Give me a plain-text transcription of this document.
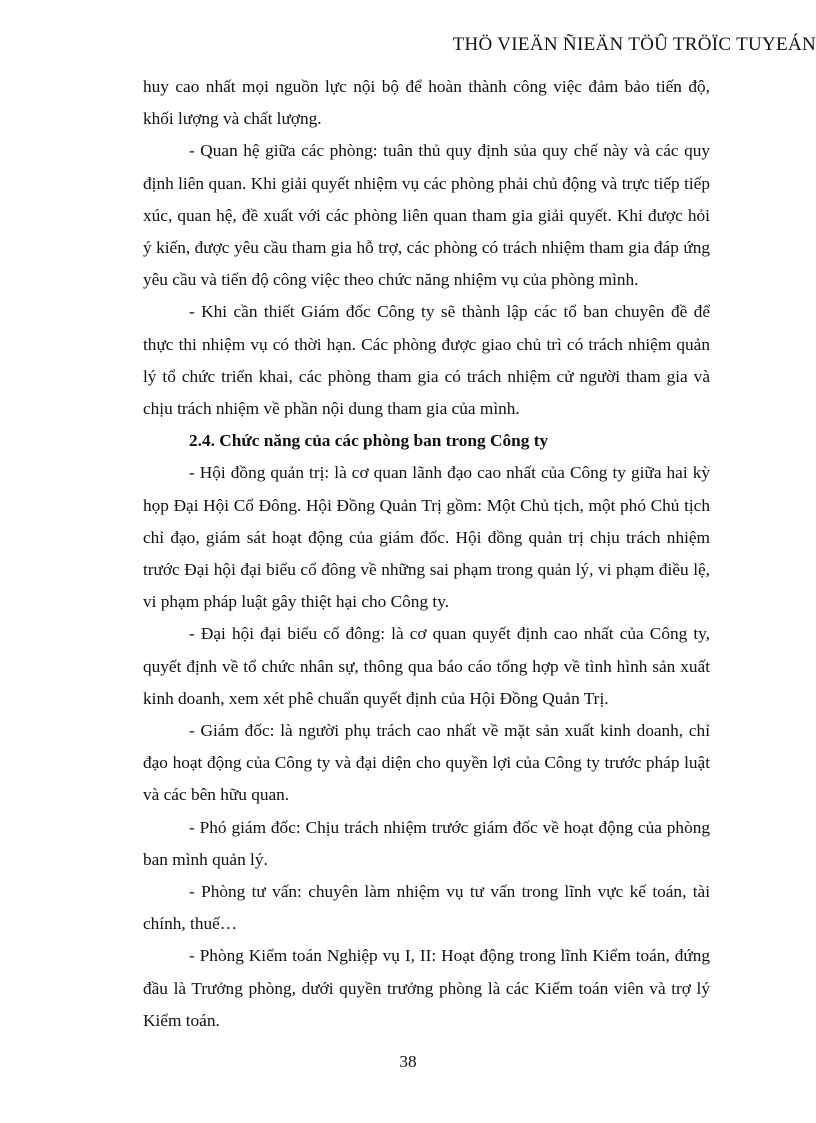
THÖ VIEÄN ÑIEÄN TÖÛ TRÖÏC TUYEÁN

huy cao nhất mọi nguồn lực nội bộ để hoàn thành công việc đảm bảo tiến độ, khối lượng và chất lượng.

- Quan hệ giữa các phòng: tuân thủ quy định sủa quy chế này và các quy định liên quan. Khi giải quyết nhiệm vụ các phòng phải chủ động và trực tiếp tiếp xúc, quan hệ, đề xuất với các phòng liên quan tham gia giải quyết. Khi được hỏi ý kiến, được yêu cầu tham gia hỗ trợ, các phòng có trách nhiệm tham gia đáp ứng yêu cầu và tiến độ công việc theo chức năng nhiệm vụ của phòng mình.

- Khi cần thiết Giám đốc Công ty sẽ thành lập các tổ ban chuyên đề để thực thi nhiệm vụ có thời hạn. Các phòng được giao chủ trì có trách nhiệm quản lý tổ chức triển khai, các phòng tham gia có trách nhiệm cử người tham gia và chịu trách nhiệm về phần nội dung tham gia của mình.

2.4. Chức năng của các phòng ban trong Công ty

- Hội đồng quản trị: là cơ quan lãnh đạo cao nhất của Công ty giữa hai kỳ họp Đại Hội Cổ Đông. Hội Đồng Quản Trị gồm: Một Chủ tịch, một phó Chủ tịch chỉ đạo, giám sát hoạt động của giám đốc. Hội đồng quản trị chịu trách nhiệm trước Đại hội đại biểu cổ đông về những sai phạm trong quản lý, vi phạm điều lệ, vi phạm pháp luật gây thiệt hại cho Công ty.

- Đại hội đại biểu cổ đông: là cơ quan quyết định cao nhất của Công ty, quyết định về tổ chức nhân sự, thông qua báo cáo tổng hợp về tình hình sản xuất kinh doanh, xem xét phê chuẩn quyết định của Hội Đồng Quản Trị.

- Giám đốc: là người phụ trách cao nhất về mặt sản xuất kinh doanh, chỉ đạo hoạt động của Công ty và đại diện cho quyền lợi của Công ty trước pháp luật và các bên hữu quan.

- Phó giám đốc: Chịu trách nhiệm trước giám đốc về hoạt động của phòng ban mình quản lý.

- Phòng tư vấn: chuyên làm nhiệm vụ tư vấn trong lĩnh vực kế toán, tài chính, thuế…

- Phòng Kiểm toán Nghiệp vụ I, II: Hoạt động trong lĩnh Kiểm toán, đứng đầu là Trưởng phòng, dưới quyền trưởng phòng là các Kiểm toán viên và trợ lý Kiểm toán.

38
